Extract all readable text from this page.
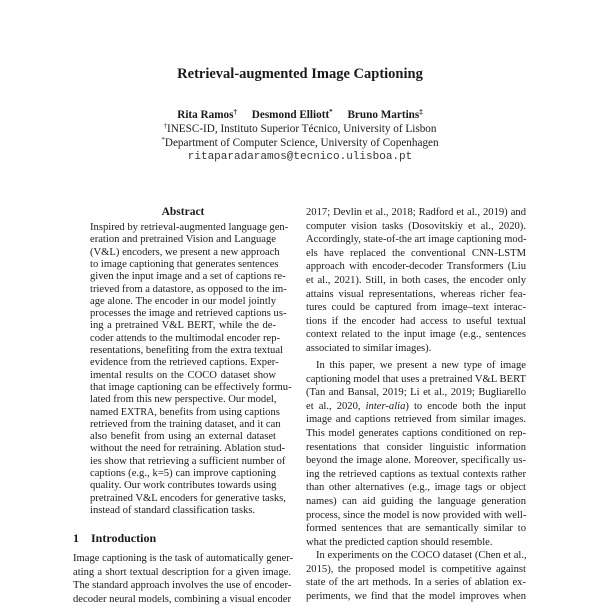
Retrieval-augmented Image Captioning
Rita Ramos† Desmond Elliott* Bruno Martins‡
†INESC-ID, Instituto Superior Técnico, University of Lisbon
*Department of Computer Science, University of Copenhagen
ritaparadaramos@tecnico.ulisboa.pt
Abstract
Inspired by retrieval-augmented language gen-
eration and pretrained Vision and Language
(V&L) encoders, we present a new approach
to image captioning that generates sentences
given the input image and a set of captions re-
trieved from a datastore, as opposed to the im-
age alone. The encoder in our model jointly
processes the image and retrieved captions us-
ing a pretrained V&L BERT, while the de-
coder attends to the multimodal encoder rep-
resentations, benefiting from the extra textual
evidence from the retrieved captions. Exper-
imental results on the COCO dataset show
that image captioning can be effectively formu-
lated from this new perspective. Our model,
named EXTRA, benefits from using captions
retrieved from the training dataset, and it can
also benefit from using an external dataset
without the need for retraining. Ablation stud-
ies show that retrieving a sufficient number of
captions (e.g., k=5) can improve captioning
quality. Our work contributes towards using
pretrained V&L encoders for generative tasks,
instead of standard classification tasks.
1 Introduction
Image captioning is the task of automatically gener-
ating a short textual description for a given image.
The standard approach involves the use of encoder-
decoder neural models, combining a visual encoder
2017; Devlin et al., 2018; Radford et al., 2019) and
computer vision tasks (Dosovitskiy et al., 2020).
Accordingly, state-of-the art image captioning mod-
els have replaced the conventional CNN-LSTM
approach with encoder-decoder Transformers (Liu
et al., 2021). Still, in both cases, the encoder only
attains visual representations, whereas richer fea-
tures could be captured from image–text interac-
tions if the encoder had access to useful textual
context related to the input image (e.g., sentences
associated to similar images).
In this paper, we present a new type of image
captioning model that uses a pretrained V&L BERT
(Tan and Bansal, 2019; Li et al., 2019; Bugliarello
et al., 2020, inter-alia) to encode both the input
image and captions retrieved from similar images.
This model generates captions conditioned on rep-
resentations that consider linguistic information
beyond the image alone. Moreover, specifically us-
ing the retrieved captions as textual contexts rather
than other alternatives (e.g., image tags or object
names) can aid guiding the language generation
process, since the model is now provided with well-
formed sentences that are semantically similar to
what the predicted caption should resemble.
In experiments on the COCO dataset (Chen et al.,
2015), the proposed model is competitive against
state of the art methods. In a series of ablation ex-
periments, we find that the model improves when
